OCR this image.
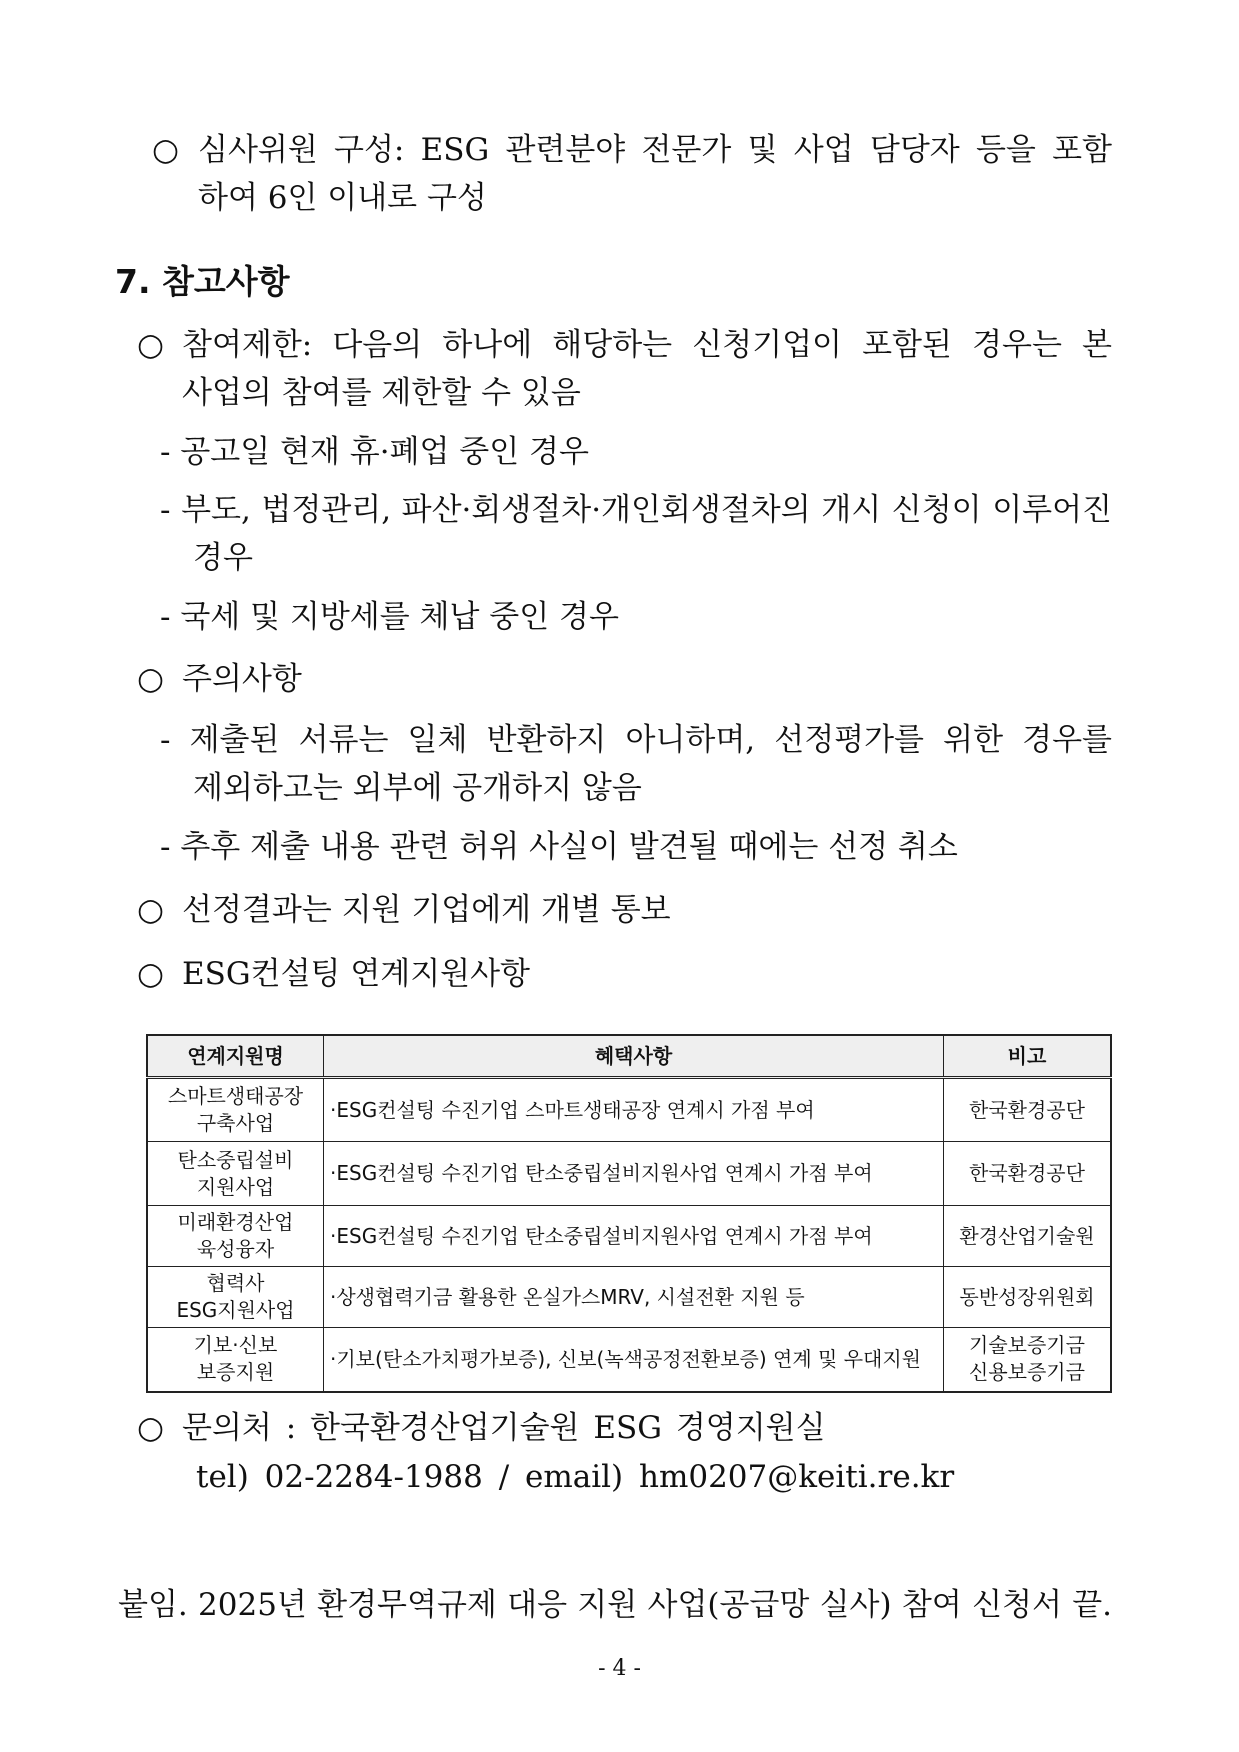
○ 심사위원 구성: ESG 관련분야 전문가 및 사업 담당자 등을 포함
하여 6인 이내로 구성
7. 참고사항
○ 참여제한: 다음의 하나에 해당하는 신청기업이 포함된 경우는 본
사업의 참여를 제한할 수 있음
- 공고일 현재 휴·폐업 중인 경우
- 부도, 법정관리, 파산·회생절차·개인회생절차의 개시 신청이 이루어진
경우
- 국세 및 지방세를 체납 중인 경우
○ 주의사항
- 제출된 서류는 일체 반환하지 아니하며, 선정평가를 위한 경우를
제외하고는 외부에 공개하지 않음
- 추후 제출 내용 관련 허위 사실이 발견될 때에는 선정 취소
○ 선정결과는 지원 기업에게 개별 통보
○ ESG컨설팅 연계지원사항
연계지원명	혜택사항	비고
스마트생태공장
구축사업	·ESG컨설팅 수진기업 스마트생태공장 연계시 가점 부여	한국환경공단
탄소중립설비
지원사업	·ESG컨설팅 수진기업 탄소중립설비지원사업 연계시 가점 부여	한국환경공단
미래환경산업
육성융자	·ESG컨설팅 수진기업 탄소중립설비지원사업 연계시 가점 부여	환경산업기술원
협력사
ESG지원사업	·상생협력기금 활용한 온실가스MRV, 시설전환 지원 등	동반성장위원회
기보·신보
보증지원	·기보(탄소가치평가보증), 신보(녹색공정전환보증) 연계 및 우대지원	기술보증기금
신용보증기금
○ 문의처 : 한국환경산업기술원 ESG 경영지원실
tel) 02-2284-1988 / email) hm0207@keiti.re.kr
붙임. 2025년 환경무역규제 대응 지원 사업(공급망 실사) 참여 신청서 끝.
- 4 -
